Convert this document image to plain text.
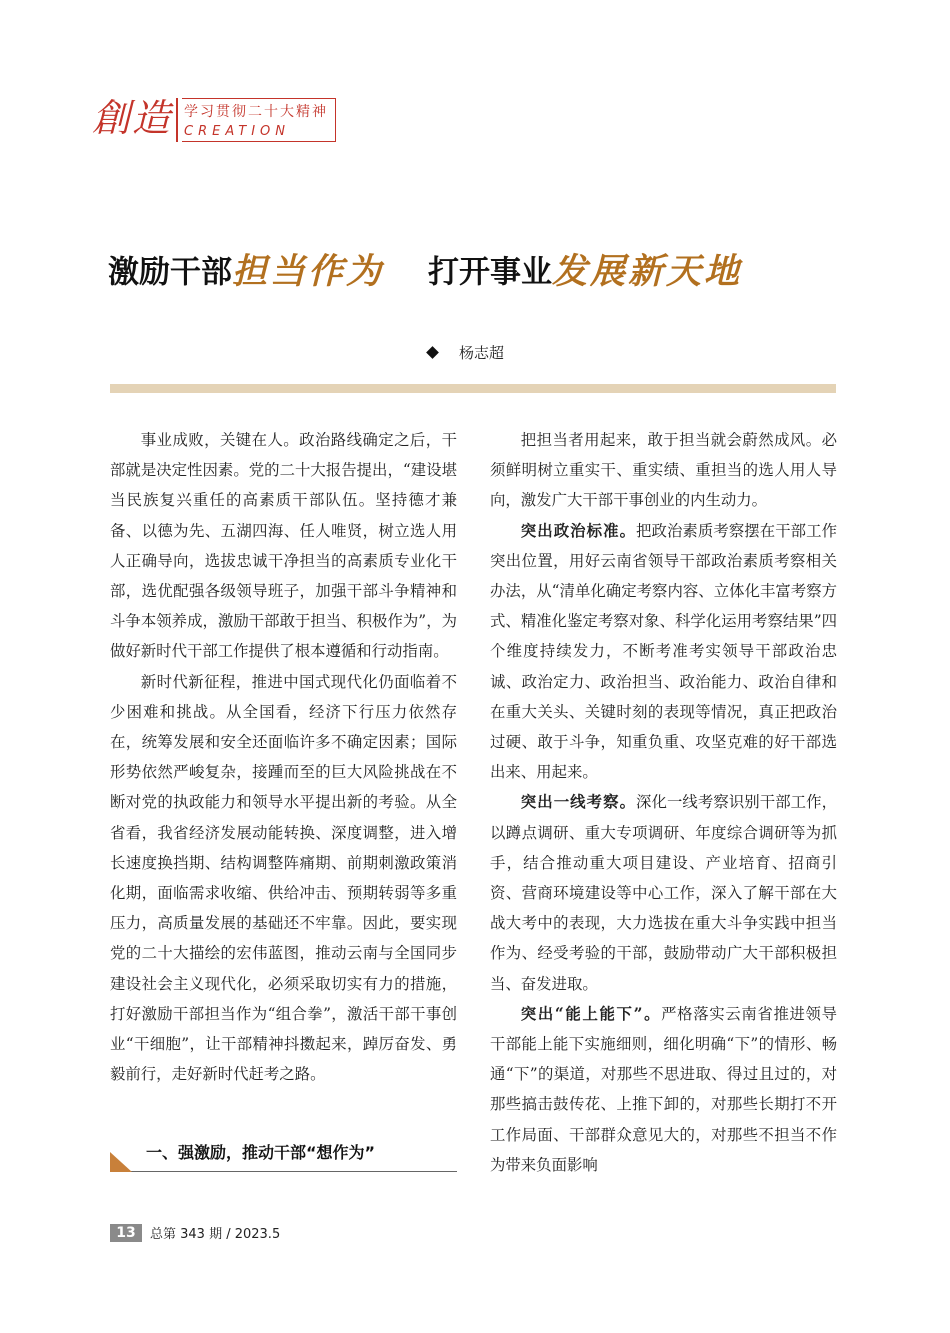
創造 学习贯彻二十大精神
CREATION
激励干部担当作为 打开事业发展新天地
杨志超

事业成败，关键在人。政治路线确定之后，干部就是决定性因素。党的二十大报告提出，“建设堪当民族复兴重任的高素质干部队伍。坚持德才兼备、以德为先、五湖四海、任人唯贤，树立选人用人正确导向，选拔忠诚干净担当的高素质专业化干部，选优配强各级领导班子，加强干部斗争精神和斗争本领养成，激励干部敢于担当、积极作为”，为做好新时代干部工作提供了根本遵循和行动指南。

新时代新征程，推进中国式现代化仍面临着不少困难和挑战。从全国看，经济下行压力依然存在，统筹发展和安全还面临许多不确定因素；国际形势依然严峻复杂，接踵而至的巨大风险挑战在不断对党的执政能力和领导水平提出新的考验。从全省看，我省经济发展动能转换、深度调整，进入增长速度换挡期、结构调整阵痛期、前期刺激政策消化期，面临需求收缩、供给冲击、预期转弱等多重压力，高质量发展的基础还不牢靠。因此，要实现党的二十大描绘的宏伟蓝图，推动云南与全国同步建设社会主义现代化，必须采取切实有力的措施，打好激励干部担当作为“组合拳”，激活干部干事创业“干细胞”，让干部精神抖擞起来，踔厉奋发、勇毅前行，走好新时代赶考之路。

一、强激励，推动干部“想作为”

把担当者用起来，敢于担当就会蔚然成风。必须鲜明树立重实干、重实绩、重担当的选人用人导向，激发广大干部干事创业的内生动力。

突出政治标准。把政治素质考察摆在干部工作突出位置，用好云南省领导干部政治素质考察相关办法，从“清单化确定考察内容、立体化丰富考察方式、精准化鉴定考察对象、科学化运用考察结果”四个维度持续发力，不断考准考实领导干部政治忠诚、政治定力、政治担当、政治能力、政治自律和在重大关头、关键时刻的表现等情况，真正把政治过硬、敢于斗争，知重负重、攻坚克难的好干部选出来、用起来。

突出一线考察。深化一线考察识别干部工作，以蹲点调研、重大专项调研、年度综合调研等为抓手，结合推动重大项目建设、产业培育、招商引资、营商环境建设等中心工作，深入了解干部在大战大考中的表现，大力选拔在重大斗争实践中担当作为、经受考验的干部，鼓励带动广大干部积极担当、奋发进取。

突出“能上能下”。严格落实云南省推进领导干部能上能下实施细则，细化明确“下”的情形、畅通“下”的渠道，对那些不思进取、得过且过的，对那些搞击鼓传花、上推下卸的，对那些长期打不开工作局面、干部群众意见大的，对那些不担当不作为带来负面影响

13 总第 343 期 / 2023.5
